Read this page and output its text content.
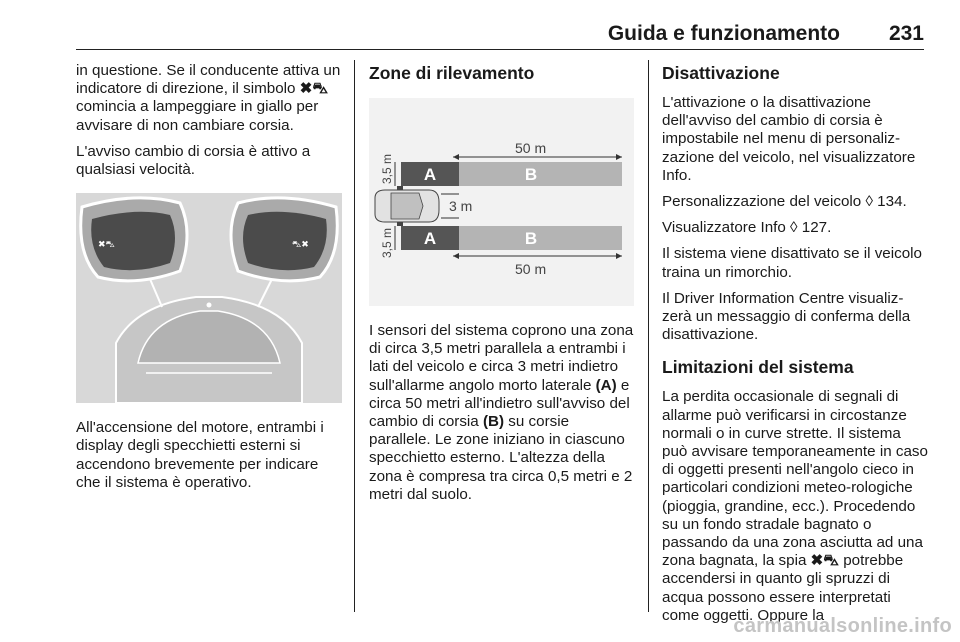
Guida e funzionamento 231

in questione. Se il conducente attiva un indicatore di direzione, il simbolo ✖⛍ comincia a lampeggiare in giallo per avvisare di non cambiare corsia.

L'avviso cambio di corsia è attivo a qualsiasi velocità.

✖⛍	⛍✖

All'accensione del motore, entrambi i display degli specchietti esterni si accendono brevemente per indicare che il sistema è operativo.

Zone di rilevamento
50 m
A	B
3,5 m
3 m
A	B
3,5 m
50 m

I sensori del sistema coprono una zona di circa 3,5 metri parallela a entrambi i lati del veicolo e circa 3 metri indietro sull'allarme angolo morto laterale (A) e circa 50 metri all'indietro sull'avviso del cambio di corsia (B) su corsie parallele. Le zone iniziano in ciascuno specchietto esterno. L'altezza della zona è compresa tra circa 0,5 metri e 2 metri dal suolo.

Disattivazione

L'attivazione o la disattivazione dell'avviso del cambio di corsia è impostabile nel menu di personaliz-zazione del veicolo, nel visualizzatore Info.

Personalizzazione del veicolo ◊ 134.

Visualizzatore Info ◊ 127.

Il sistema viene disattivato se il veicolo traina un rimorchio.

Il Driver Information Centre visualiz-zerà un messaggio di conferma della disattivazione.

Limitazioni del sistema

La perdita occasionale di segnali di allarme può verificarsi in circostanze normali o in curve strette. Il sistema può avvisare temporaneamente in caso di oggetti presenti nell'angolo cieco in particolari condizioni meteo-rologiche (pioggia, grandine, ecc.). Procedendo su un fondo stradale bagnato o passando da una zona asciutta ad una zona bagnata, la spia ✖⛍ potrebbe accendersi in quanto gli spruzzi di acqua possono essere interpretati come oggetti. Oppure la

carmanualsonline.info
